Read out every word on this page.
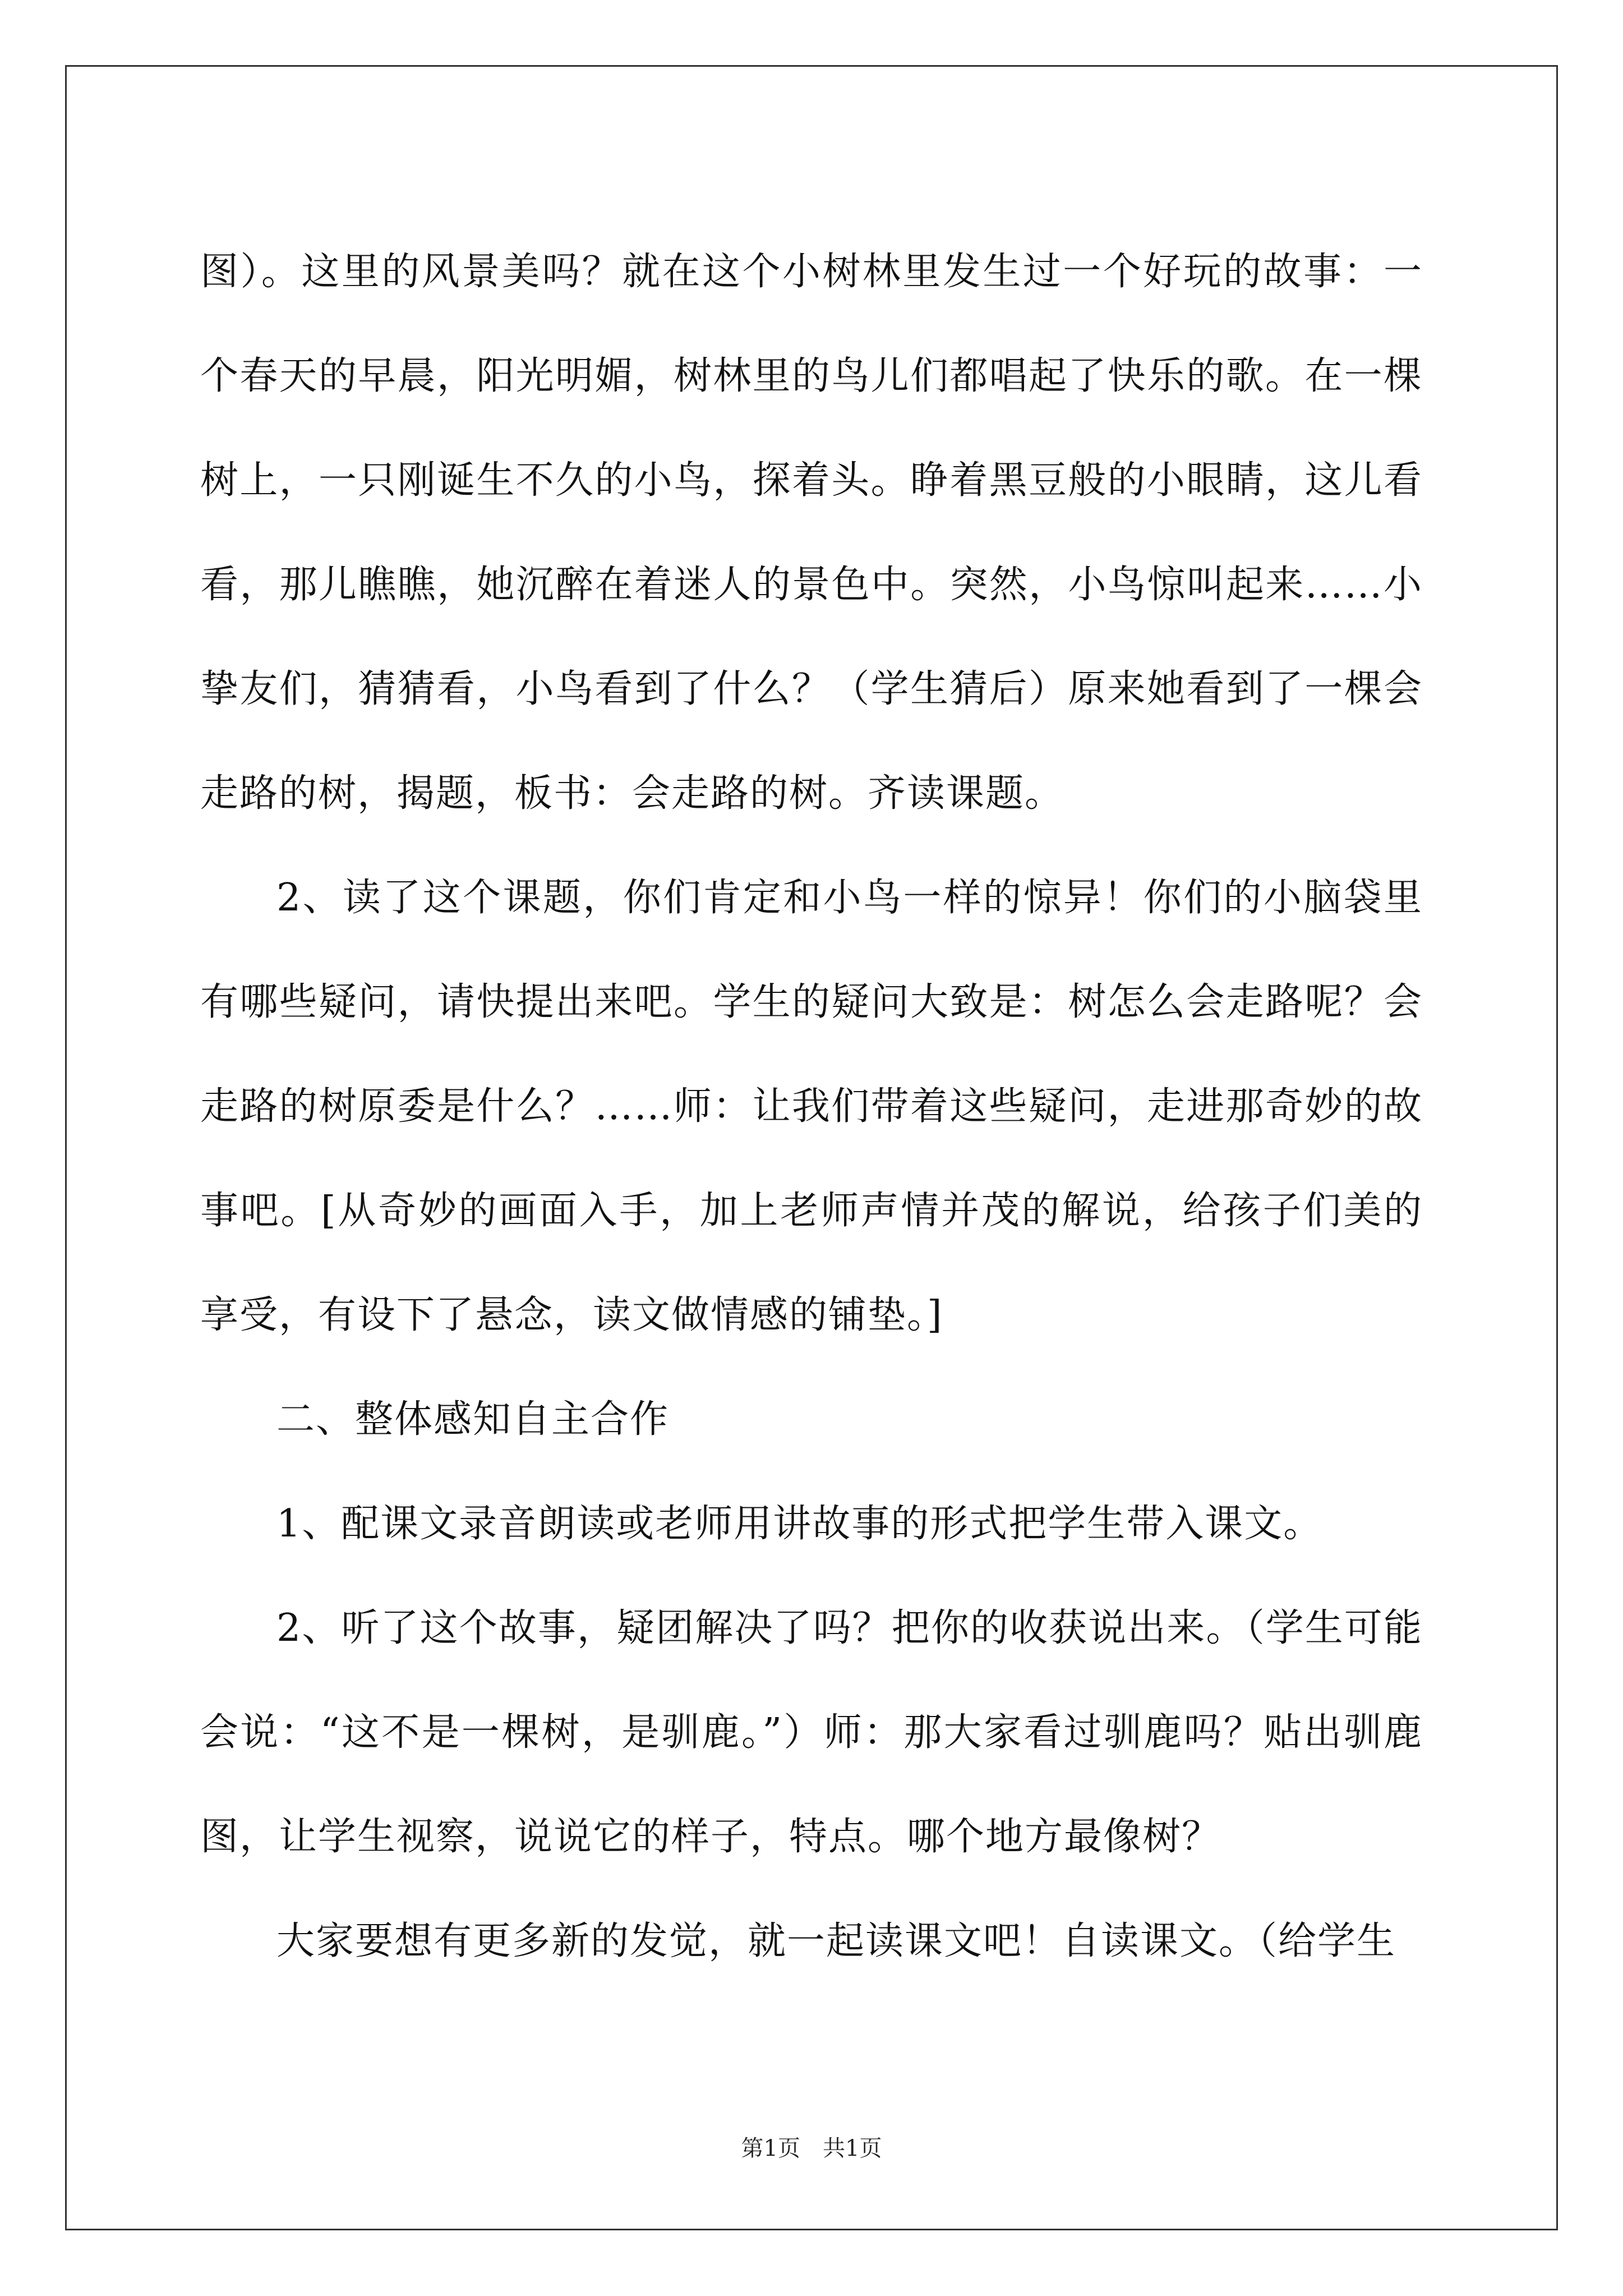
图）。这里的风景美吗？就在这个小树林里发生过一个好玩的故事：一个春天的早晨，阳光明媚，树林里的鸟儿们都唱起了快乐的歌。在一棵树上，一只刚诞生不久的小鸟，探着头。睁着黑豆般的小眼睛，这儿看看，那儿瞧瞧，她沉醉在着迷人的景色中。突然，小鸟惊叫起来……小挚友们，猜猜看，小鸟看到了什么？（学生猜后）原来她看到了一棵会走路的树，揭题，板书：会走路的树。齐读课题。

2、读了这个课题，你们肯定和小鸟一样的惊异！你们的小脑袋里有哪些疑问，请快提出来吧。学生的疑问大致是：树怎么会走路呢？会走路的树原委是什么？……师：让我们带着这些疑问，走进那奇妙的故事吧。[从奇妙的画面入手，加上老师声情并茂的解说，给孩子们美的享受，有设下了悬念，读文做情感的铺垫。]

二、整体感知自主合作

1、配课文录音朗读或老师用讲故事的形式把学生带入课文。

2、听了这个故事，疑团解决了吗？把你的收获说出来。（学生可能会说：“这不是一棵树，是驯鹿。”）师：那大家看过驯鹿吗？贴出驯鹿图，让学生视察，说说它的样子，特点。哪个地方最像树？

大家要想有更多新的发觉，就一起读课文吧！自读课文。（给学生

第1页　共1页
